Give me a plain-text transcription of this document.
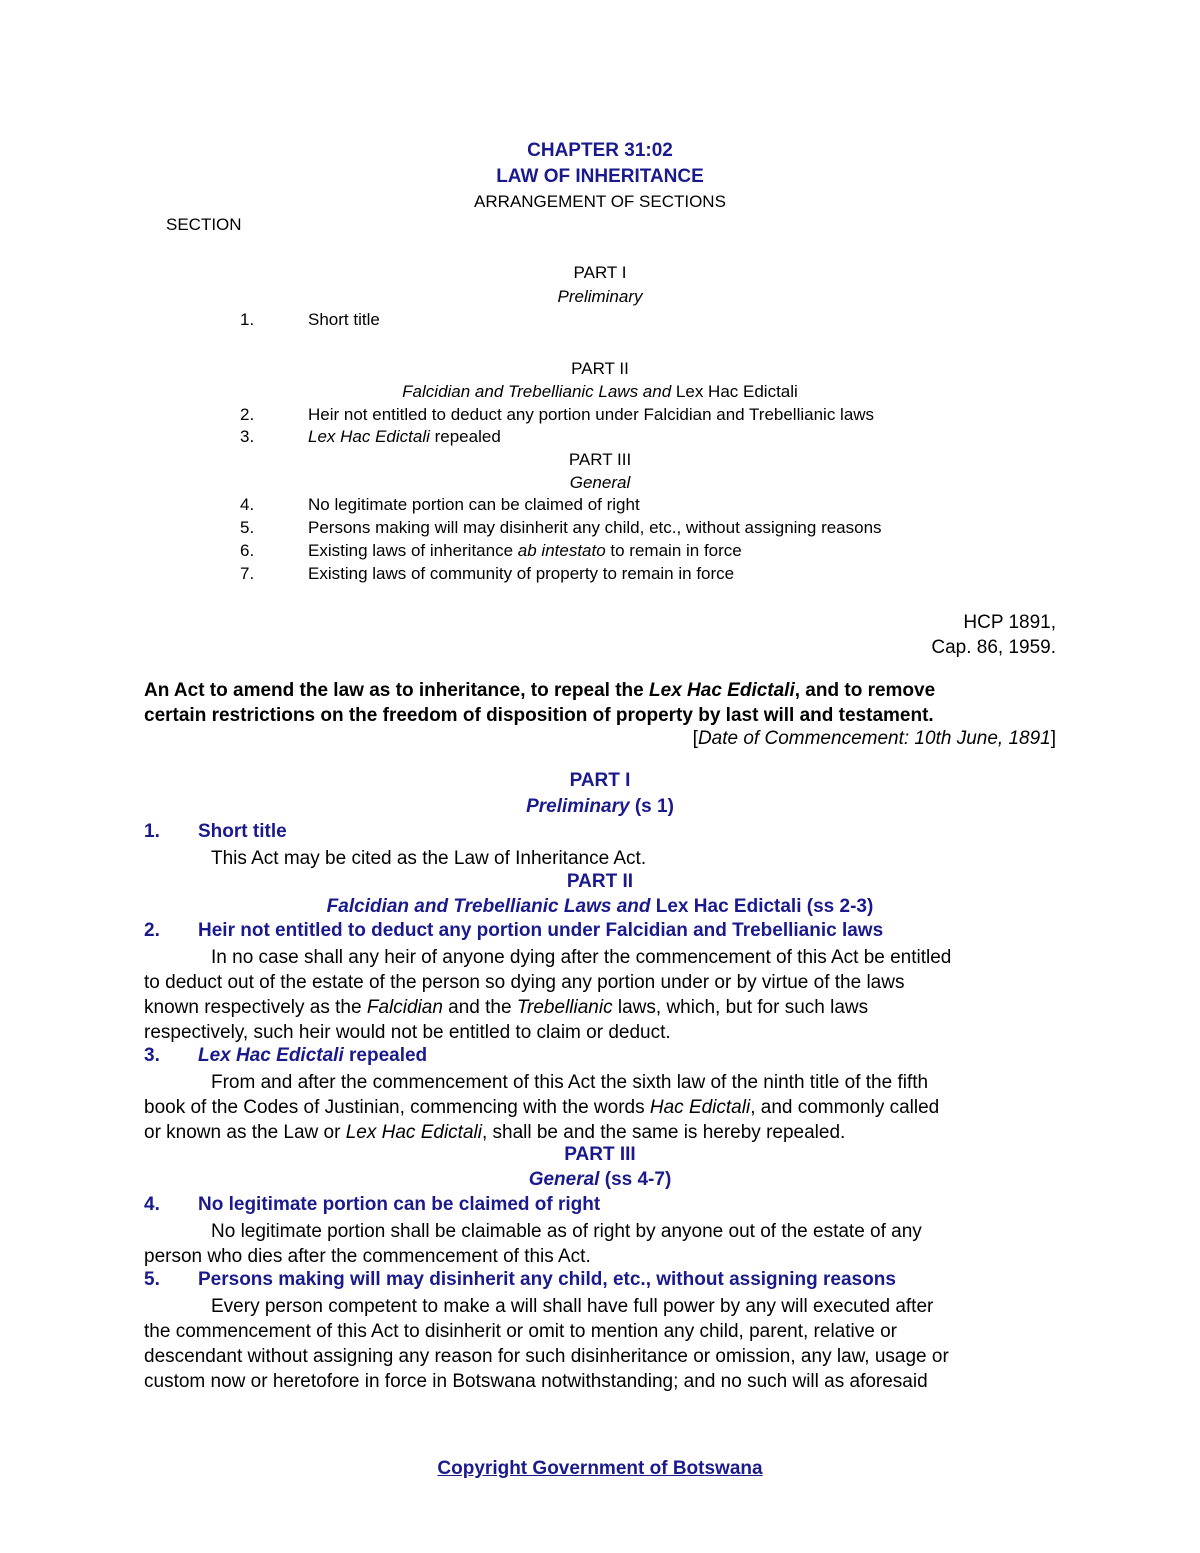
CHAPTER 31:02
LAW OF INHERITANCE
ARRANGEMENT OF SECTIONS
SECTION
PART I
Preliminary
1.	Short title
PART II
Falcidian and Trebellianic Laws and Lex Hac Edictali
2.	Heir not entitled to deduct any portion under Falcidian and Trebellianic laws
3.	Lex Hac Edictali repealed
PART III
General
4.	No legitimate portion can be claimed of right
5.	Persons making will may disinherit any child, etc., without assigning reasons
6.	Existing laws of inheritance ab intestato to remain in force
7.	Existing laws of community of property to remain in force
HCP 1891,
Cap. 86, 1959.
An Act to amend the law as to inheritance, to repeal the Lex Hac Edictali, and to remove
certain restrictions on the freedom of disposition of property by last will and testament.
[Date of Commencement: 10th June, 1891]
PART I
Preliminary (s 1)
1. Short title
This Act may be cited as the Law of Inheritance Act.
PART II
Falcidian and Trebellianic Laws and Lex Hac Edictali (ss 2-3)
2. Heir not entitled to deduct any portion under Falcidian and Trebellianic laws
In no case shall any heir of anyone dying after the commencement of this Act be entitled
to deduct out of the estate of the person so dying any portion under or by virtue of the laws
known respectively as the Falcidian and the Trebellianic laws, which, but for such laws
respectively, such heir would not be entitled to claim or deduct.
3. Lex Hac Edictali repealed
From and after the commencement of this Act the sixth law of the ninth title of the fifth
book of the Codes of Justinian, commencing with the words Hac Edictali, and commonly called
or known as the Law or Lex Hac Edictali, shall be and the same is hereby repealed.
PART III
General (ss 4-7)
4. No legitimate portion can be claimed of right
No legitimate portion shall be claimable as of right by anyone out of the estate of any
person who dies after the commencement of this Act.
5. Persons making will may disinherit any child, etc., without assigning reasons
Every person competent to make a will shall have full power by any will executed after
the commencement of this Act to disinherit or omit to mention any child, parent, relative or
descendant without assigning any reason for such disinheritance or omission, any law, usage or
custom now or heretofore in force in Botswana notwithstanding; and no such will as aforesaid
Copyright Government of Botswana
